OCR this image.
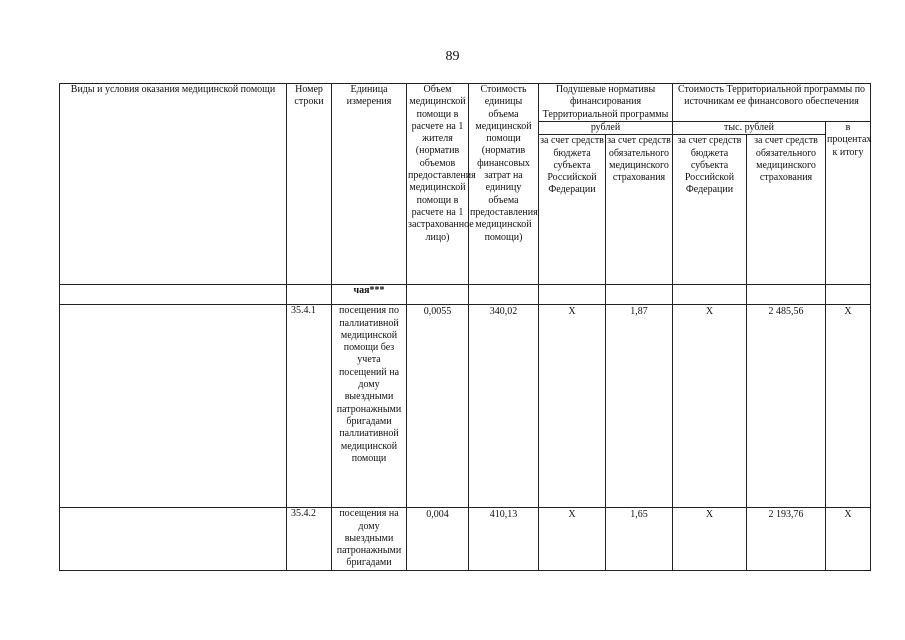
89
Виды и условия оказания медицинской помощи	Номер строки	Единица измерения	Объем медицинской помощи в расчете на 1 жителя (норматив объемов предоставления медицинской помощи в расчете на 1 застрахованное лицо)	Стоимость единицы объема медицинской помощи (норматив финансовых затрат на единицу объема предоставления медицинской помощи)	Подушевые нормативы финансирования Территориальной программы		Стоимость Территориальной программы по источникам ее финансового обеспечения		
					рублей		тыс. рублей		в процентах к итогу
					за счет средств бюджета субъекта Российской Федерации	за счет средств обязательного медицинского страхования	за счет средств бюджета субъекта Российской Федерации	за счет средств обязательного медицинского страхования	
		чая***							
	35.4.1	посещения по паллиативной медицинской помощи без учета посещений на дому выездными патронажными бригадами паллиативной медицинской помощи	0,0055	340,02	X	1,87	X	2 485,56	X
	35.4.2	посещения на дому выездными патронажными бригадами	0,004	410,13	X	1,65	X	2 193,76	X
